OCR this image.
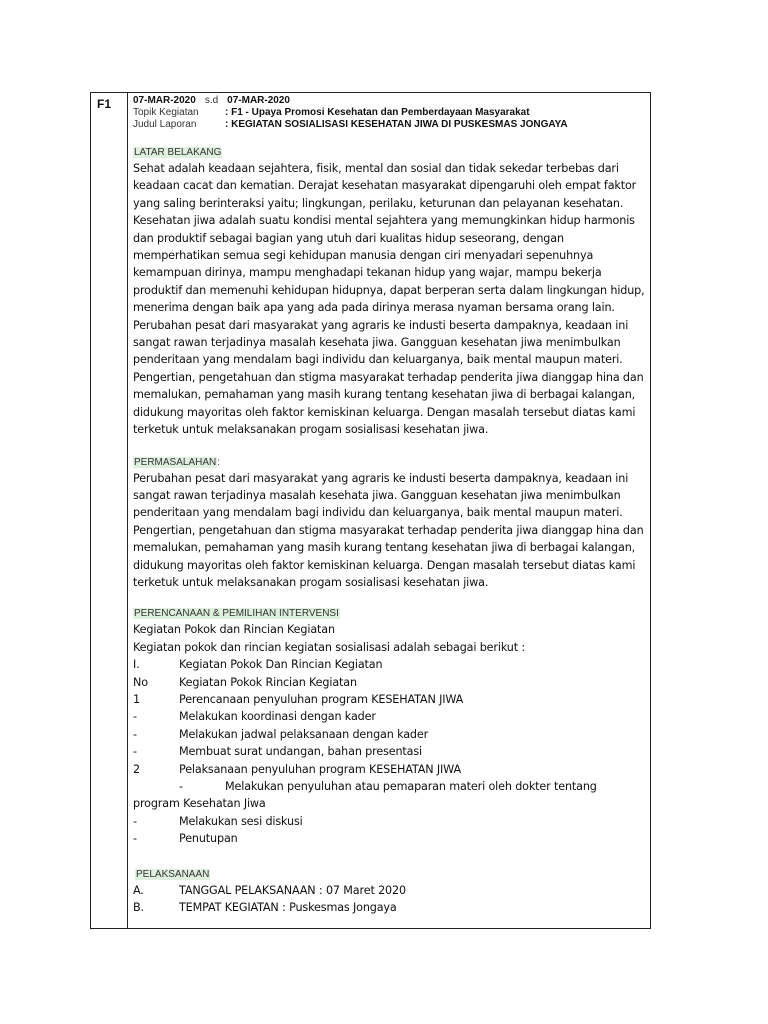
F1 07-MAR-2020 s.d 07-MAR-2020
Topik Kegiatan	: F1 - Upaya Promosi Kesehatan dan Pemberdayaan Masyarakat
Judul Laporan	: KEGIATAN SOSIALISASI KESEHATAN JIWA DI PUSKESMAS JONGAYA
LATAR BELAKANG

Sehat adalah keadaan sejahtera, fisik, mental dan sosial dan tidak sekedar terbebas dari keadaan cacat dan kematian. Derajat kesehatan masyarakat dipengaruhi oleh empat faktor yang saling berinteraksi yaitu; lingkungan, perilaku, keturunan dan pelayanan kesehatan.

Kesehatan jiwa adalah suatu kondisi mental sejahtera yang memungkinkan hidup harmonis dan produktif sebagai bagian yang utuh dari kualitas hidup seseorang, dengan memperhatikan semua segi kehidupan manusia dengan ciri menyadari sepenuhnya kemampuan dirinya, mampu menghadapi tekanan hidup yang wajar, mampu bekerja produktif dan memenuhi kehidupan hidupnya, dapat berperan serta dalam lingkungan hidup, menerima dengan baik apa yang ada pada dirinya merasa nyaman bersama orang lain.

Perubahan pesat dari masyarakat yang agraris ke industi beserta dampaknya, keadaan ini sangat rawan terjadinya masalah kesehata jiwa. Gangguan kesehatan jiwa menimbulkan penderitaan yang mendalam bagi individu dan keluarganya, baik mental maupun materi. Pengertian, pengetahuan dan stigma masyarakat terhadap penderita jiwa dianggap hina dan memalukan, pemahaman yang masih kurang tentang kesehatan jiwa di berbagai kalangan, didukung mayoritas oleh faktor kemiskinan keluarga. Dengan masalah tersebut diatas kami terketuk untuk melaksanakan progam sosialisasi kesehatan jiwa.

PERMASALAHAN:

Perubahan pesat dari masyarakat yang agraris ke industi beserta dampaknya, keadaan ini sangat rawan terjadinya masalah kesehata jiwa. Gangguan kesehatan jiwa menimbulkan penderitaan yang mendalam bagi individu dan keluarganya, baik mental maupun materi. Pengertian, pengetahuan dan stigma masyarakat terhadap penderita jiwa dianggap hina dan memalukan, pemahaman yang masih kurang tentang kesehatan jiwa di berbagai kalangan, didukung mayoritas oleh faktor kemiskinan keluarga. Dengan masalah tersebut diatas kami terketuk untuk melaksanakan progam sosialisasi kesehatan jiwa.

PERENCANAAN & PEMILIHAN INTERVENSI
Kegiatan Pokok dan Rincian Kegiatan
Kegiatan pokok dan rincian kegiatan sosialisasi adalah sebagai berikut :
I.	Kegiatan Pokok Dan Rincian Kegiatan
No	Kegiatan Pokok Rincian Kegiatan
1	Perencanaan penyuluhan program KESEHATAN JIWA
-	Melakukan koordinasi dengan kader
-	Melakukan jadwal pelaksanaan dengan kader
-	Membuat surat undangan, bahan presentasi
2	Pelaksanaan penyuluhan program KESEHATAN JIWA
-	Melakukan penyuluhan atau pemaparan materi oleh dokter tentang
program Kesehatan Jiwa
-	Melakukan sesi diskusi
-	Penutupan
PELAKSANAAN
A.	TANGGAL PELAKSANAAN : 07 Maret 2020
B.	TEMPAT KEGIATAN : Puskesmas Jongaya
